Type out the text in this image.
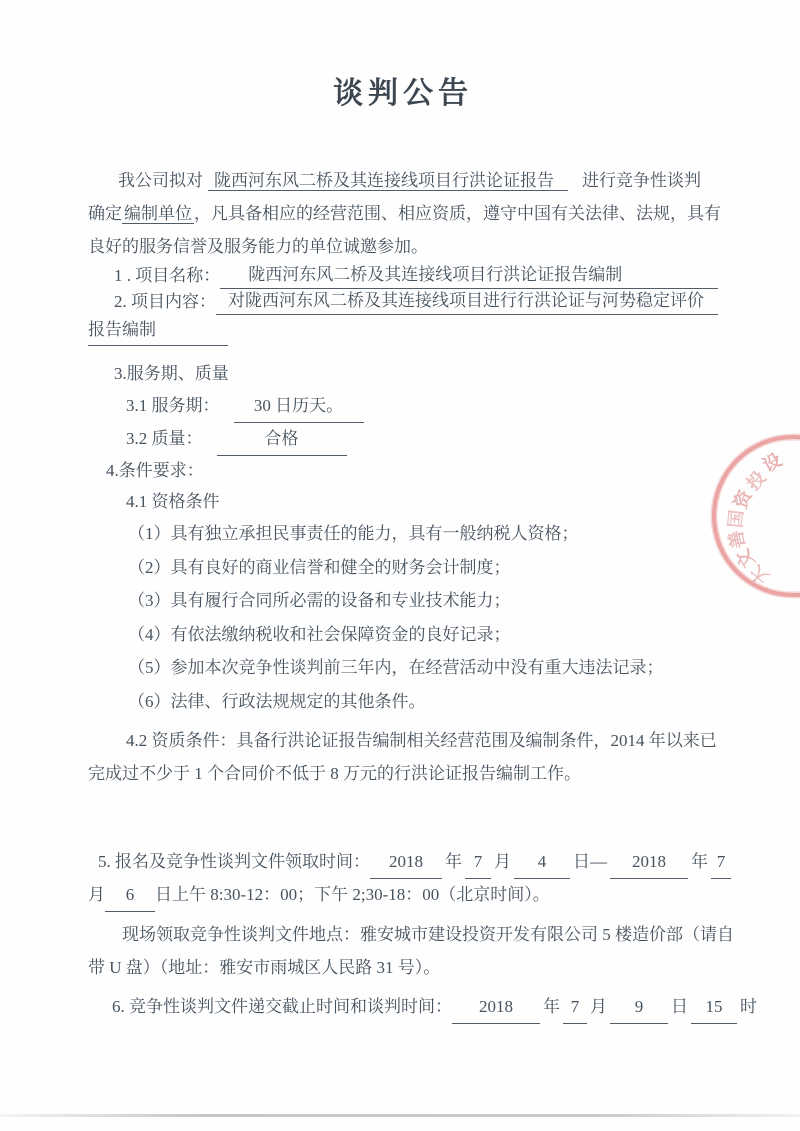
谈判公告
我公司拟对 陇西河东风二桥及其连接线项目行洪论证报告 进行竞争性谈判
确定 编制单位 ，凡具备相应的经营范围、相应资质，遵守中国有关法律、法规，具有
良好的服务信誉及服务能力的单位诚邀参加。
1 . 项目名称：	陇西河东风二桥及其连接线项目行洪论证报告编制
2. 项目内容： 对陇西河东风二桥及其连接线项目进行行洪论证与河势稳定评价
报告编制
3.服务期、质量
3.1 服务期： 30 日历天。
3.2 质量：	合格
4.条件要求：
4.1 资格条件
（1）具有独立承担民事责任的能力，具有一般纳税人资格；
（2）具有良好的商业信誉和健全的财务会计制度；
（3）具有履行合同所必需的设备和专业技术能力；
（4）有依法缴纳税收和社会保障资金的良好记录；
（5）参加本次竞争性谈判前三年内，在经营活动中没有重大违法记录；
（6）法律、行政法规规定的其他条件。
4.2 资质条件：具备行洪论证报告编制相关经营范围及编制条件，2014 年以来已
完成过不少于 1 个合同价不低于 8 万元的行洪论证报告编制工作。
5. 报名及竞争性谈判文件领取时间： 2018 年 7 月 4 日— 2018 年 7
月 6 日上午 8:30-12：00；下午 2;30-18：00（北京时间）。
现场领取竞争性谈判文件地点：雅安城市建设投资开发有限公司 5 楼造价部（请自
带 U 盘）（地址：雅安市雨城区人民路 31 号）。
6. 竞争性谈判文件递交截止时间和谈判时间： 2018 年 7 月 9 日 15 时
设
投
资
国
善
文
大
